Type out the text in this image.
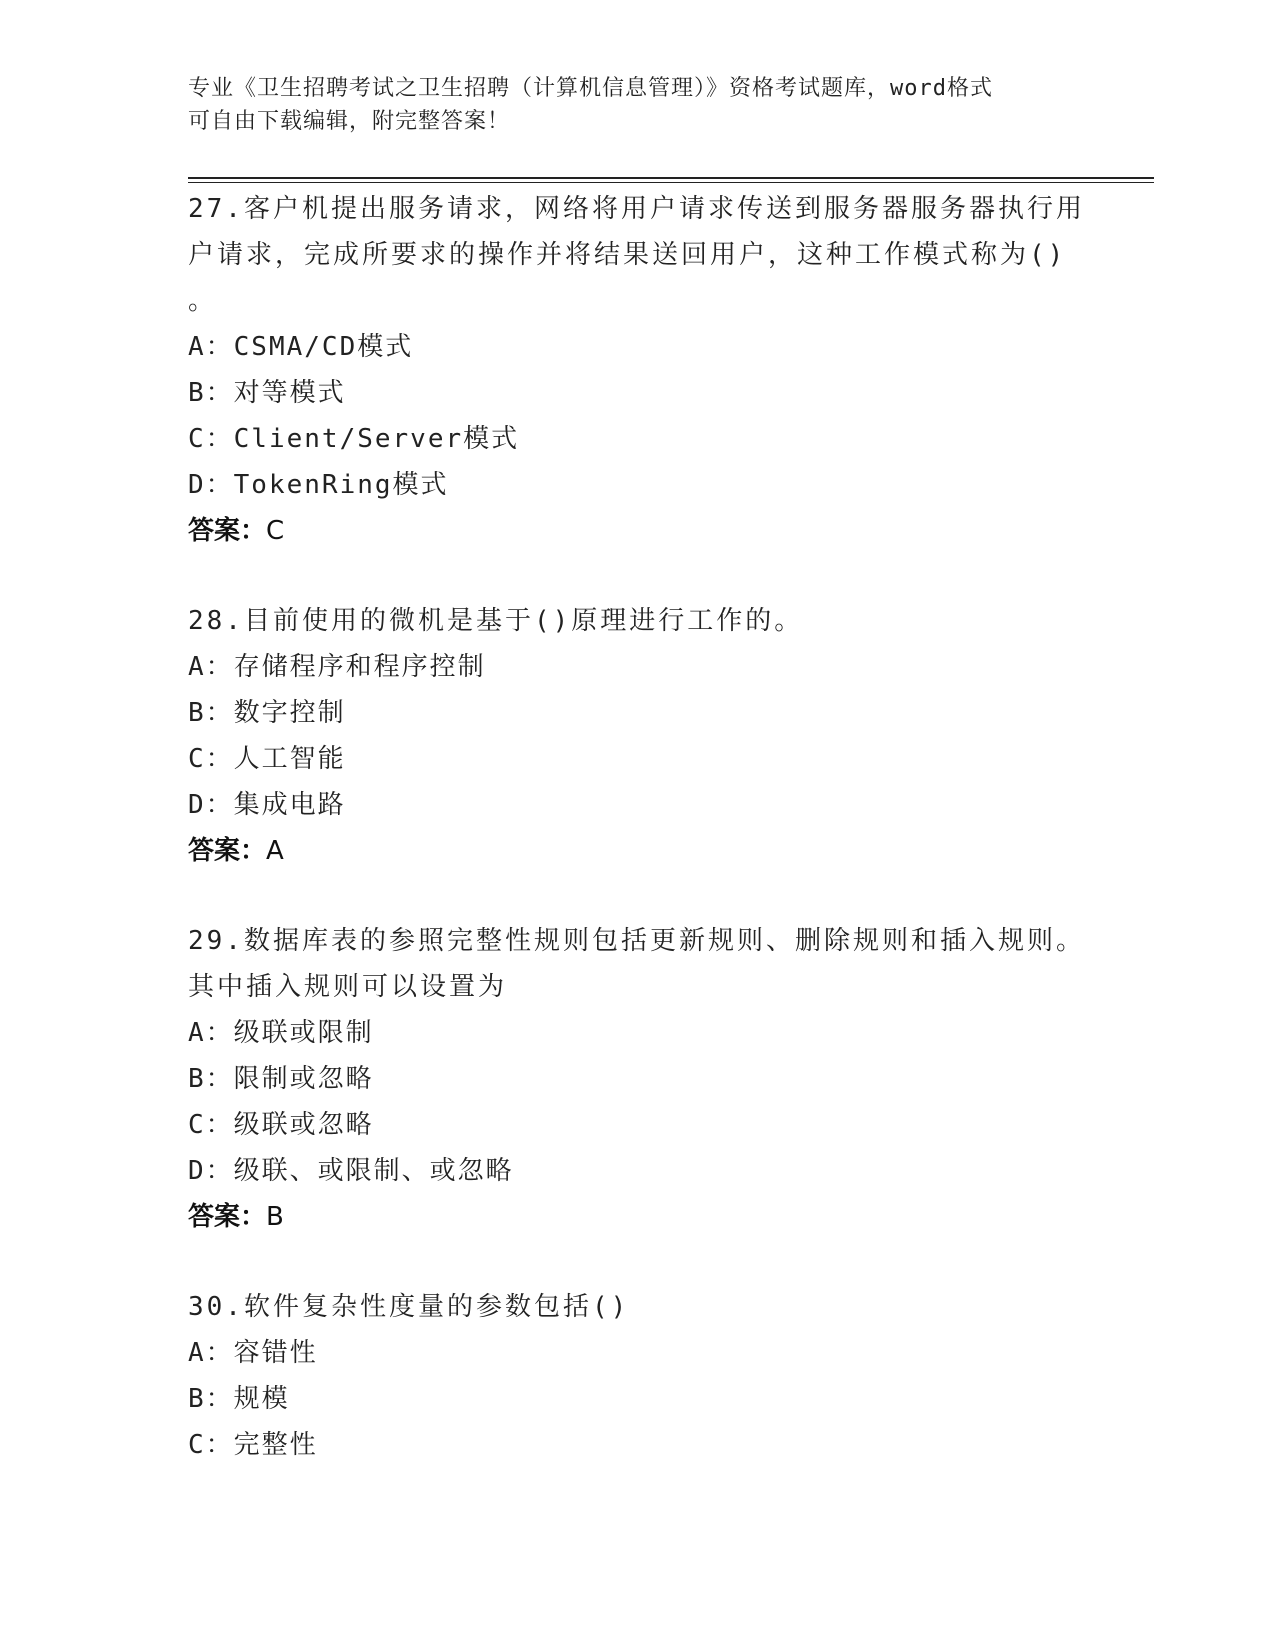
专业《卫生招聘考试之卫生招聘（计算机信息管理）》资格考试题库，word格式
可自由下载编辑，附完整答案！
27.客户机提出服务请求，网络将用户请求传送到服务器服务器执行用
户请求，完成所要求的操作并将结果送回用户，这种工作模式称为()
。
A：CSMA/CD模式
B：对等模式
C：Client/Server模式
D：TokenRing模式
答案：C
28.目前使用的微机是基于()原理进行工作的。
A：存储程序和程序控制
B：数字控制
C：人工智能
D：集成电路
答案：A
29.数据库表的参照完整性规则包括更新规则、删除规则和插入规则。
其中插入规则可以设置为
A：级联或限制
B：限制或忽略
C：级联或忽略
D：级联、或限制、或忽略
答案：B
30.软件复杂性度量的参数包括()
A：容错性
B：规模
C：完整性
